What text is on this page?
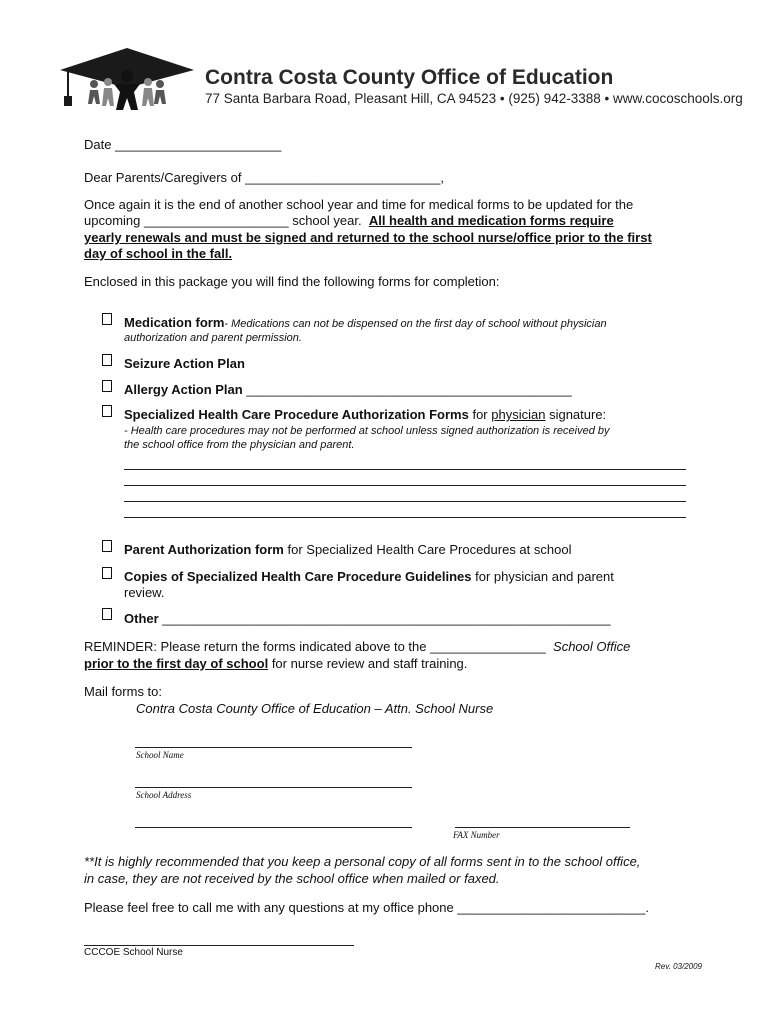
Contra Costa County Office of Education
77 Santa Barbara Road, Pleasant Hill, CA 94523 • (925) 942-3388 • www.cocoschools.org
Date _______________________
Dear Parents/Caregivers of ___________________________,
Once again it is the end of another school year and time for medical forms to be updated for the
upcoming ____________________ school year. All health and medication forms require
yearly renewals and must be signed and returned to the school nurse/office prior to the first
day of school in the fall.
Enclosed in this package you will find the following forms for completion:
Medication form- Medications can not be dispensed on the first day of school without physician
authorization and parent permission.
Seizure Action Plan
Allergy Action Plan _____________________________________________
Specialized Health Care Procedure Authorization Forms for physician signature:
- Health care procedures may not be performed at school unless signed authorization is received by
the school office from the physician and parent.
Parent Authorization form for Specialized Health Care Procedures at school
Copies of Specialized Health Care Procedure Guidelines for physician and parent
review.
Other ______________________________________________________________
REMINDER: Please return the forms indicated above to the ________________ School Office
prior to the first day of school for nurse review and staff training.
Mail forms to:
Contra Costa County Office of Education – Attn. School Nurse
School Name
School Address
FAX Number
**It is highly recommended that you keep a personal copy of all forms sent in to the school office,
in case, they are not received by the school office when mailed or faxed.
Please feel free to call me with any questions at my office phone __________________________.
CCCOE School Nurse
Rev. 03/2009
